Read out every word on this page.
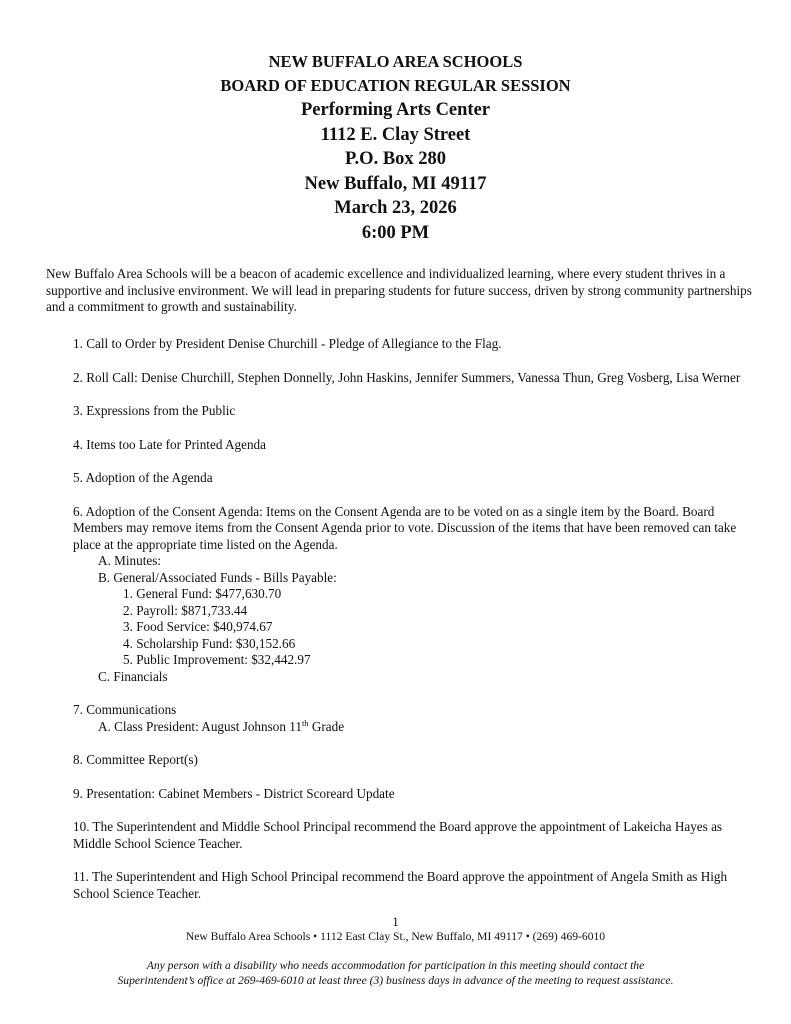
NEW BUFFALO AREA SCHOOLS
BOARD OF EDUCATION REGULAR SESSION
Performing Arts Center
1112 E. Clay Street
P.O. Box 280
New Buffalo, MI 49117
March 23, 2026
6:00 PM
New Buffalo Area Schools will be a beacon of academic excellence and individualized learning, where every student thrives in a supportive and inclusive environment. We will lead in preparing students for future success, driven by strong community partnerships and a commitment to growth and sustainability.

1. Call to Order by President Denise Churchill - Pledge of Allegiance to the Flag.

2. Roll Call: Denise Churchill, Stephen Donnelly, John Haskins, Jennifer Summers, Vanessa Thun, Greg Vosberg, Lisa Werner

3. Expressions from the Public

4. Items too Late for Printed Agenda

5. Adoption of the Agenda

6. Adoption of the Consent Agenda: Items on the Consent Agenda are to be voted on as a single item by the Board. Board Members may remove items from the Consent Agenda prior to vote. Discussion of the items that have been removed can take place at the appropriate time listed on the Agenda.

A. Minutes:

B. General/Associated Funds - Bills Payable:

1. General Fund: $477,630.70

2. Payroll: $871,733.44

3. Food Service: $40,974.67

4. Scholarship Fund: $30,152.66

5. Public Improvement: $32,442.97

C. Financials

7. Communications

A. Class President: August Johnson 11th Grade

8. Committee Report(s)

9. Presentation: Cabinet Members - District Scoreard Update

10. The Superintendent and Middle School Principal recommend the Board approve the appointment of Lakeicha Hayes as Middle School Science Teacher.

11. The Superintendent and High School Principal recommend the Board approve the appointment of Angela Smith as High School Science Teacher.

1
New Buffalo Area Schools • 1112 East Clay St., New Buffalo, MI 49117 • (269) 469-6010
Any person with a disability who needs accommodation for participation in this meeting should contact the
Superintendent’s office at 269-469-6010 at least three (3) business days in advance of the meeting to request assistance.
